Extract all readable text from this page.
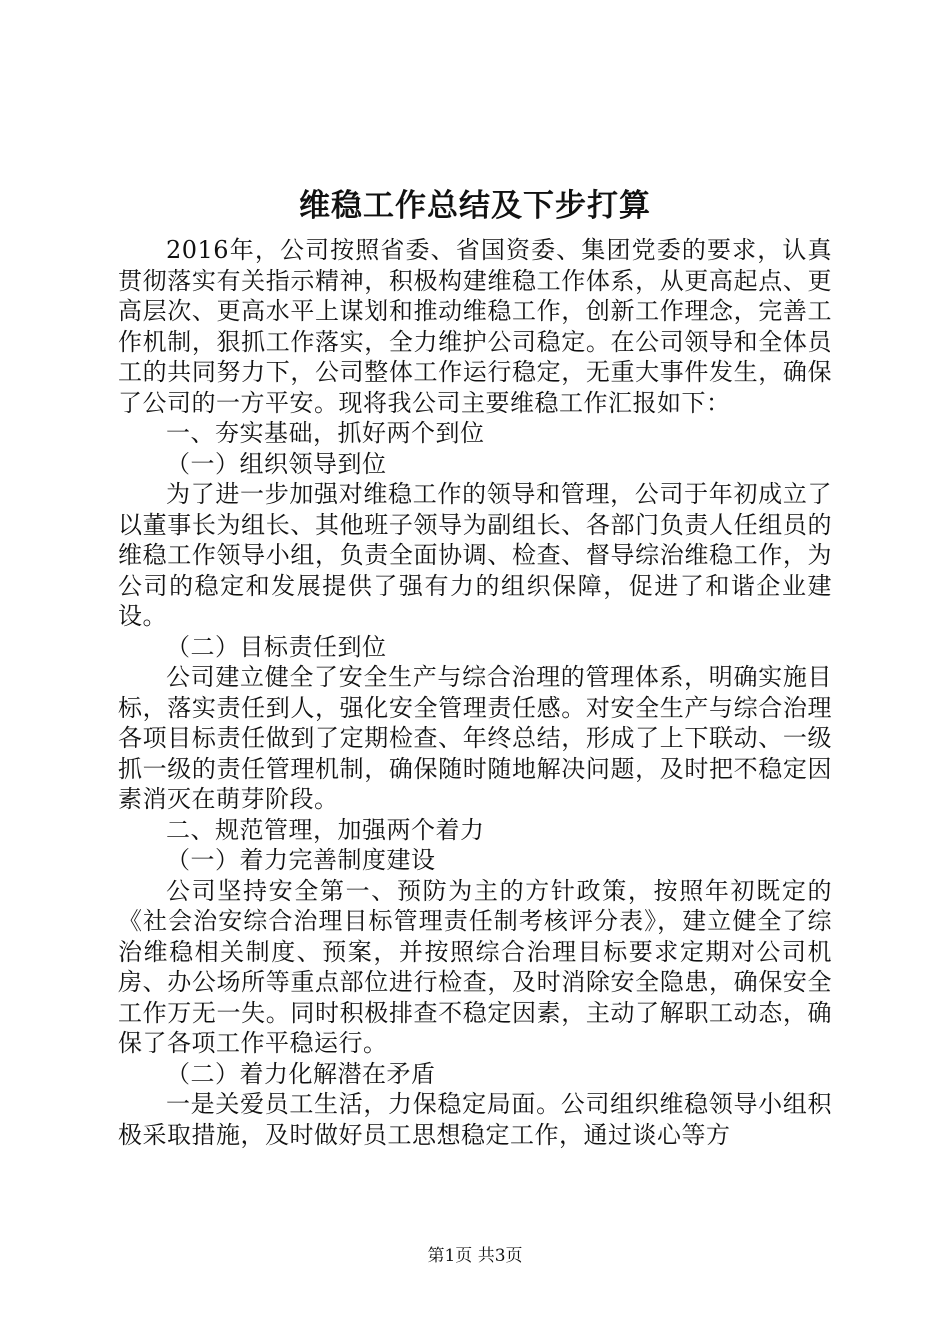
维稳工作总结及下步打算

2016年，公司按照省委、省国资委、集团党委的要求，认真贯彻落实有关指示精神，积极构建维稳工作体系，从更高起点、更高层次、更高水平上谋划和推动维稳工作，创新工作理念，完善工作机制，狠抓工作落实，全力维护公司稳定。在公司领导和全体员工的共同努力下，公司整体工作运行稳定，无重大事件发生，确保了公司的一方平安。现将我公司主要维稳工作汇报如下：

一、夯实基础，抓好两个到位

（一）组织领导到位

为了进一步加强对维稳工作的领导和管理，公司于年初成立了以董事长为组长、其他班子领导为副组长、各部门负责人任组员的维稳工作领导小组，负责全面协调、检查、督导综治维稳工作，为公司的稳定和发展提供了强有力的组织保障，促进了和谐企业建设。

（二）目标责任到位

公司建立健全了安全生产与综合治理的管理体系，明确实施目标，落实责任到人，强化安全管理责任感。对安全生产与综合治理各项目标责任做到了定期检查、年终总结，形成了上下联动、一级抓一级的责任管理机制，确保随时随地解决问题，及时把不稳定因素消灭在萌芽阶段。

二、规范管理，加强两个着力

（一）着力完善制度建设

公司坚持安全第一、预防为主的方针政策，按照年初既定的《社会治安综合治理目标管理责任制考核评分表》，建立健全了综治维稳相关制度、预案，并按照综合治理目标要求定期对公司机房、办公场所等重点部位进行检查，及时消除安全隐患，确保安全工作万无一失。同时积极排查不稳定因素，主动了解职工动态，确保了各项工作平稳运行。

（二）着力化解潜在矛盾

一是关爱员工生活，力保稳定局面。公司组织维稳领导小组积极采取措施，及时做好员工思想稳定工作，通过谈心等方

第1页 共3页
